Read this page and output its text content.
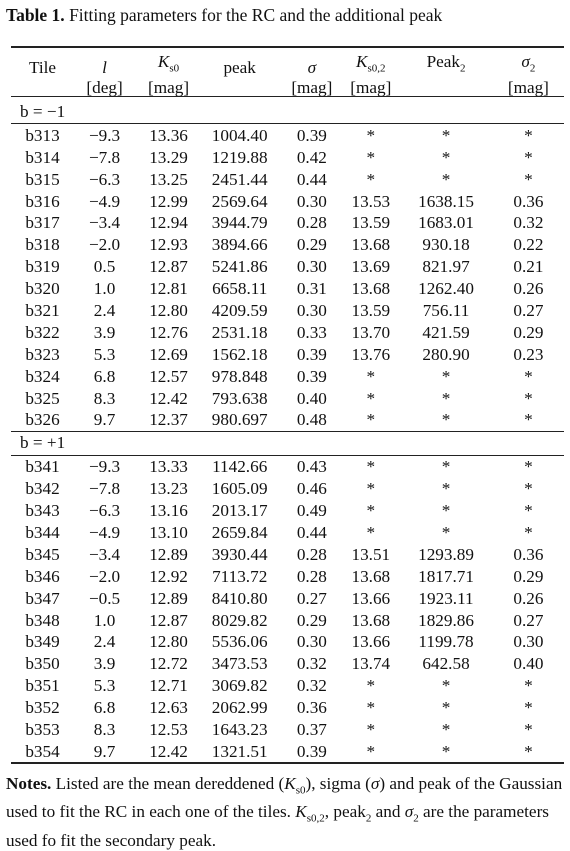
Table 1. Fitting parameters for the RC and the additional peak
Tile	l	$K_{s0}$	peak	σ	$K_{s0,2}$	Peak$_2$	$\sigma_2$
	[deg]	[mag]		[mag]	[mag]		[mag]
b = −1							
b313	−9.3	13.36	1004.40	0.39	*	*	*
b314	−7.8	13.29	1219.88	0.42	*	*	*
b315	−6.3	13.25	2451.44	0.44	*	*	*
b316	−4.9	12.99	2569.64	0.30	13.53	1638.15	0.36
b317	−3.4	12.94	3944.79	0.28	13.59	1683.01	0.32
b318	−2.0	12.93	3894.66	0.29	13.68	930.18	0.22
b319	0.5	12.87	5241.86	0.30	13.69	821.97	0.21
b320	1.0	12.81	6658.11	0.31	13.68	1262.40	0.26
b321	2.4	12.80	4209.59	0.30	13.59	756.11	0.27
b322	3.9	12.76	2531.18	0.33	13.70	421.59	0.29
b323	5.3	12.69	1562.18	0.39	13.76	280.90	0.23
b324	6.8	12.57	978.848	0.39	*	*	*
b325	8.3	12.42	793.638	0.40	*	*	*
b326	9.7	12.37	980.697	0.48	*	*	*
b = +1							
b341	−9.3	13.33	1142.66	0.43	*	*	*
b342	−7.8	13.23	1605.09	0.46	*	*	*
b343	−6.3	13.16	2013.17	0.49	*	*	*
b344	−4.9	13.10	2659.84	0.44	*	*	*
b345	−3.4	12.89	3930.44	0.28	13.51	1293.89	0.36
b346	−2.0	12.92	7113.72	0.28	13.68	1817.71	0.29
b347	−0.5	12.89	8410.80	0.27	13.66	1923.11	0.26
b348	1.0	12.87	8029.82	0.29	13.68	1829.86	0.27
b349	2.4	12.80	5536.06	0.30	13.66	1199.78	0.30
b350	3.9	12.72	3473.53	0.32	13.74	642.58	0.40
b351	5.3	12.71	3069.82	0.32	*	*	*
b352	6.8	12.63	2062.99	0.36	*	*	*
b353	8.3	12.53	1643.23	0.37	*	*	*
b354	9.7	12.42	1321.51	0.39	*	*	*
Notes. Listed are the mean dereddened $(K_{s0})$, sigma (σ) and peak of the Gaussian used to fit the RC in each one of the tiles. $K_{s0,2}$, peak$_2$ and $\sigma_2$ are the parameters used fo fit the secondary peak.
